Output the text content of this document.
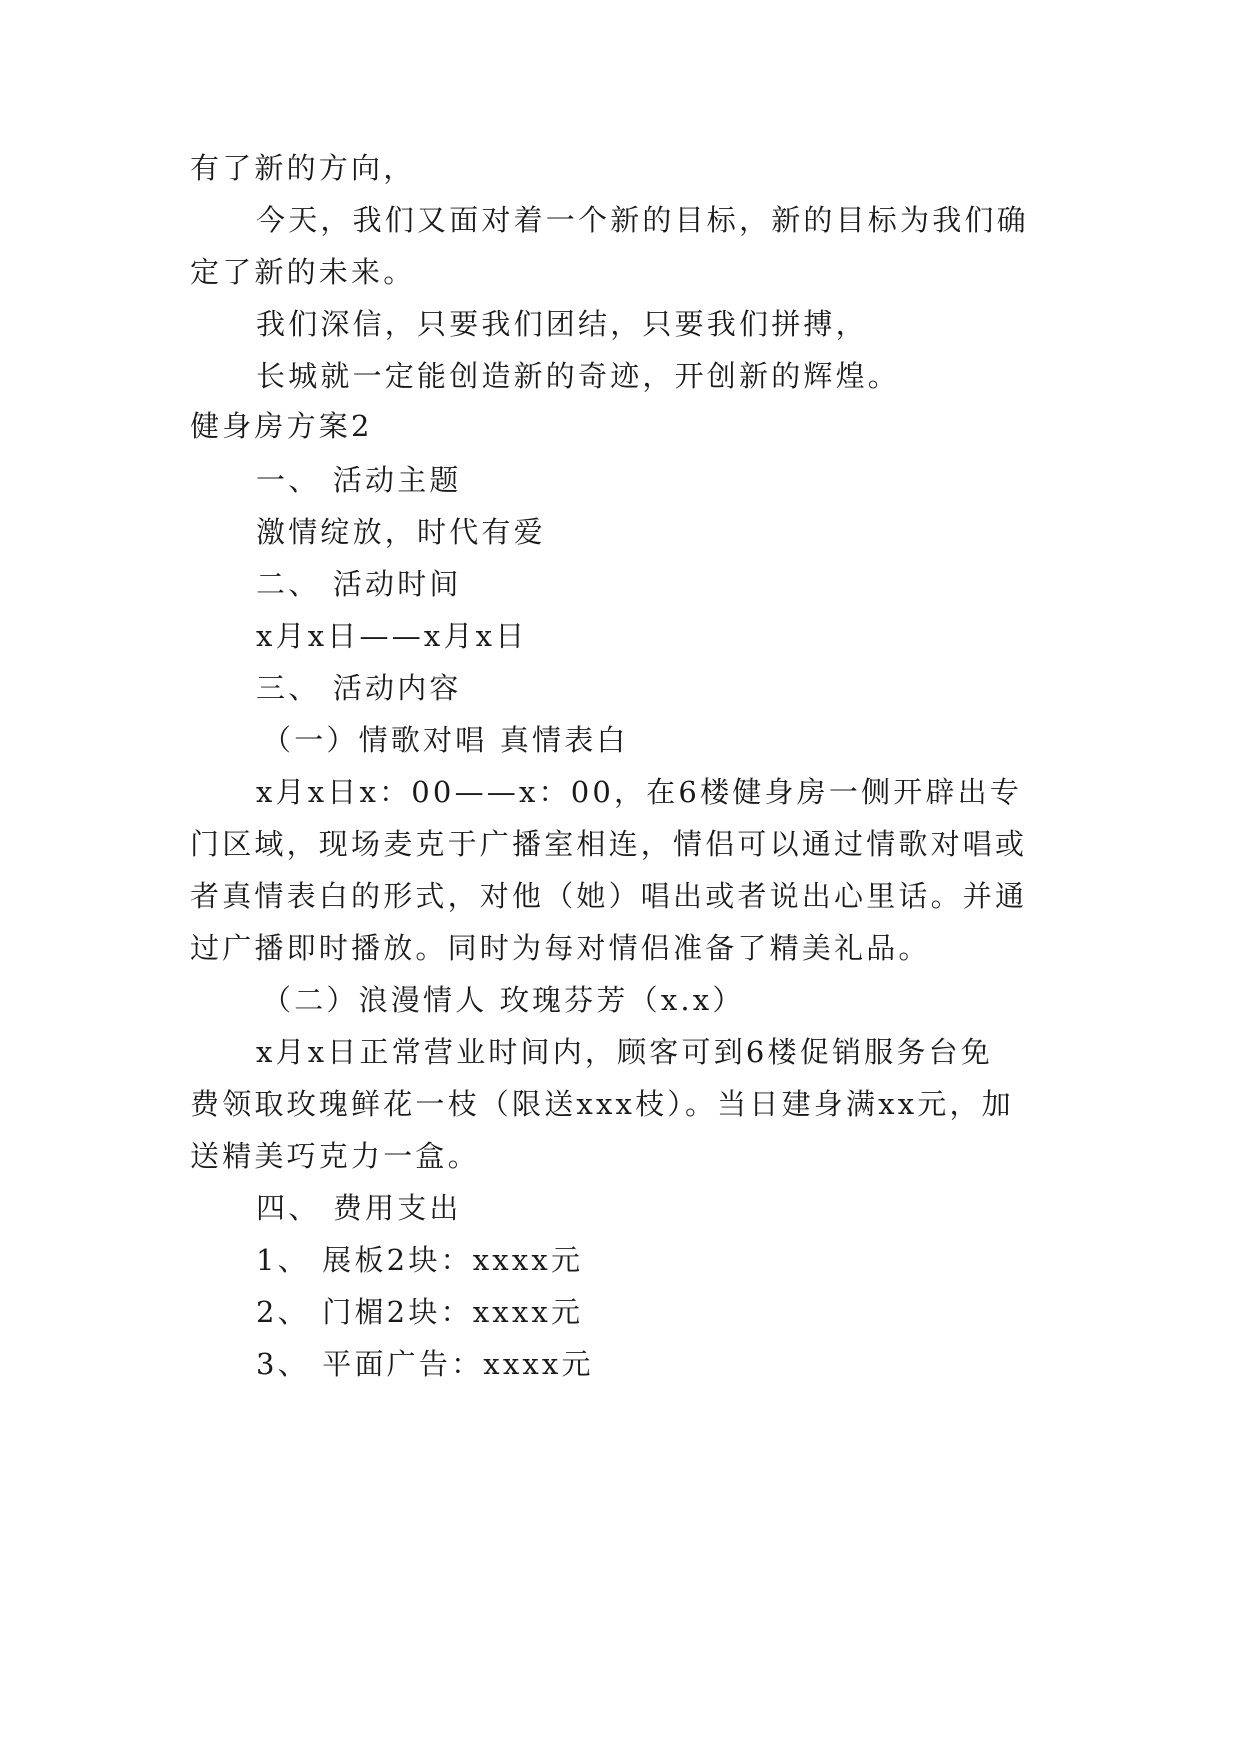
有了新的方向，
今天，我们又面对着一个新的目标，新的目标为我们确
定了新的未来。
我们深信，只要我们团结，只要我们拼搏，
长城就一定能创造新的奇迹，开创新的辉煌。
健身房方案2
一、 活动主题
激情绽放，时代有爱
二、 活动时间
x月x日——x月x日
三、 活动内容
（一）情歌对唱 真情表白
x月x日x：00——x：00，在6楼健身房一侧开辟出专
门区域，现场麦克于广播室相连，情侣可以通过情歌对唱或
者真情表白的形式，对他（她）唱出或者说出心里话。并通
过广播即时播放。同时为每对情侣准备了精美礼品。
（二）浪漫情人 玫瑰芬芳（x.x）
x月x日正常营业时间内，顾客可到6楼促销服务台免
费领取玫瑰鲜花一枝（限送xxx枝）。当日建身满xx元，加
送精美巧克力一盒。
四、 费用支出
1、 展板2块：xxxx元
2、 门楣2块：xxxx元
3、 平面广告：xxxx元
